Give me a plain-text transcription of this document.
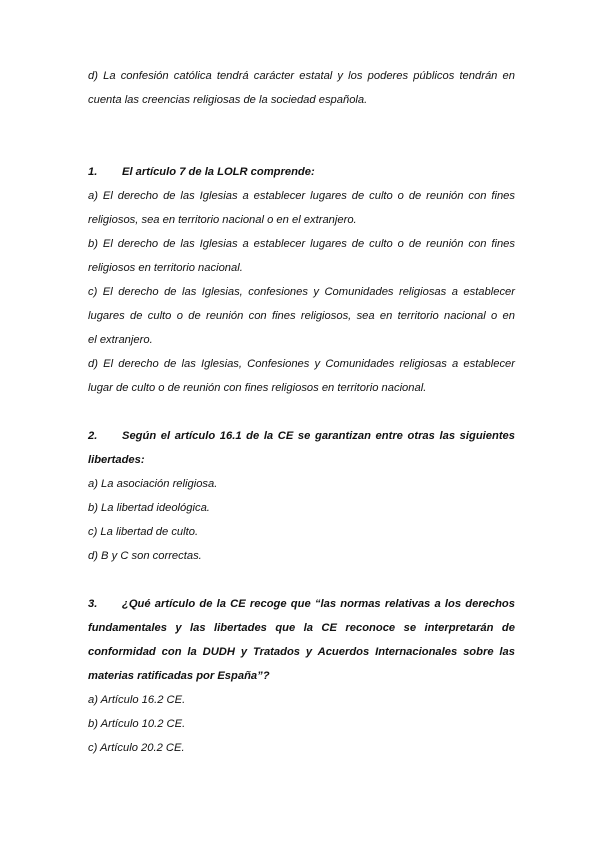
d) La confesión católica tendrá carácter estatal y los poderes públicos tendrán en
cuenta las creencias religiosas de la sociedad española.
1. El artículo 7 de la LOLR comprende:
a) El derecho de las Iglesias a establecer lugares de culto o de reunión con fines
religiosos, sea en territorio nacional o en el extranjero.
b) El derecho de las Iglesias a establecer lugares de culto o de reunión con fines
religiosos en territorio nacional.
c) El derecho de las Iglesias, confesiones y Comunidades religiosas a establecer
lugares de culto o de reunión con fines religiosos, sea en territorio nacional o en
el extranjero.
d) El derecho de las Iglesias, Confesiones y Comunidades religiosas a establecer
lugar de culto o de reunión con fines religiosos en territorio nacional.
2. Según el artículo 16.1 de la CE se garantizan entre otras las siguientes
libertades:
a) La asociación religiosa.
b) La libertad ideológica.
c) La libertad de culto.
d) B y C son correctas.
3. ¿Qué artículo de la CE recoge que “las normas relativas a los derechos
fundamentales y las libertades que la CE reconoce se interpretarán de
conformidad con la DUDH y Tratados y Acuerdos Internacionales sobre las
materias ratificadas por España”?
a) Artículo 16.2 CE.
b) Artículo 10.2 CE.
c) Artículo 20.2 CE.
